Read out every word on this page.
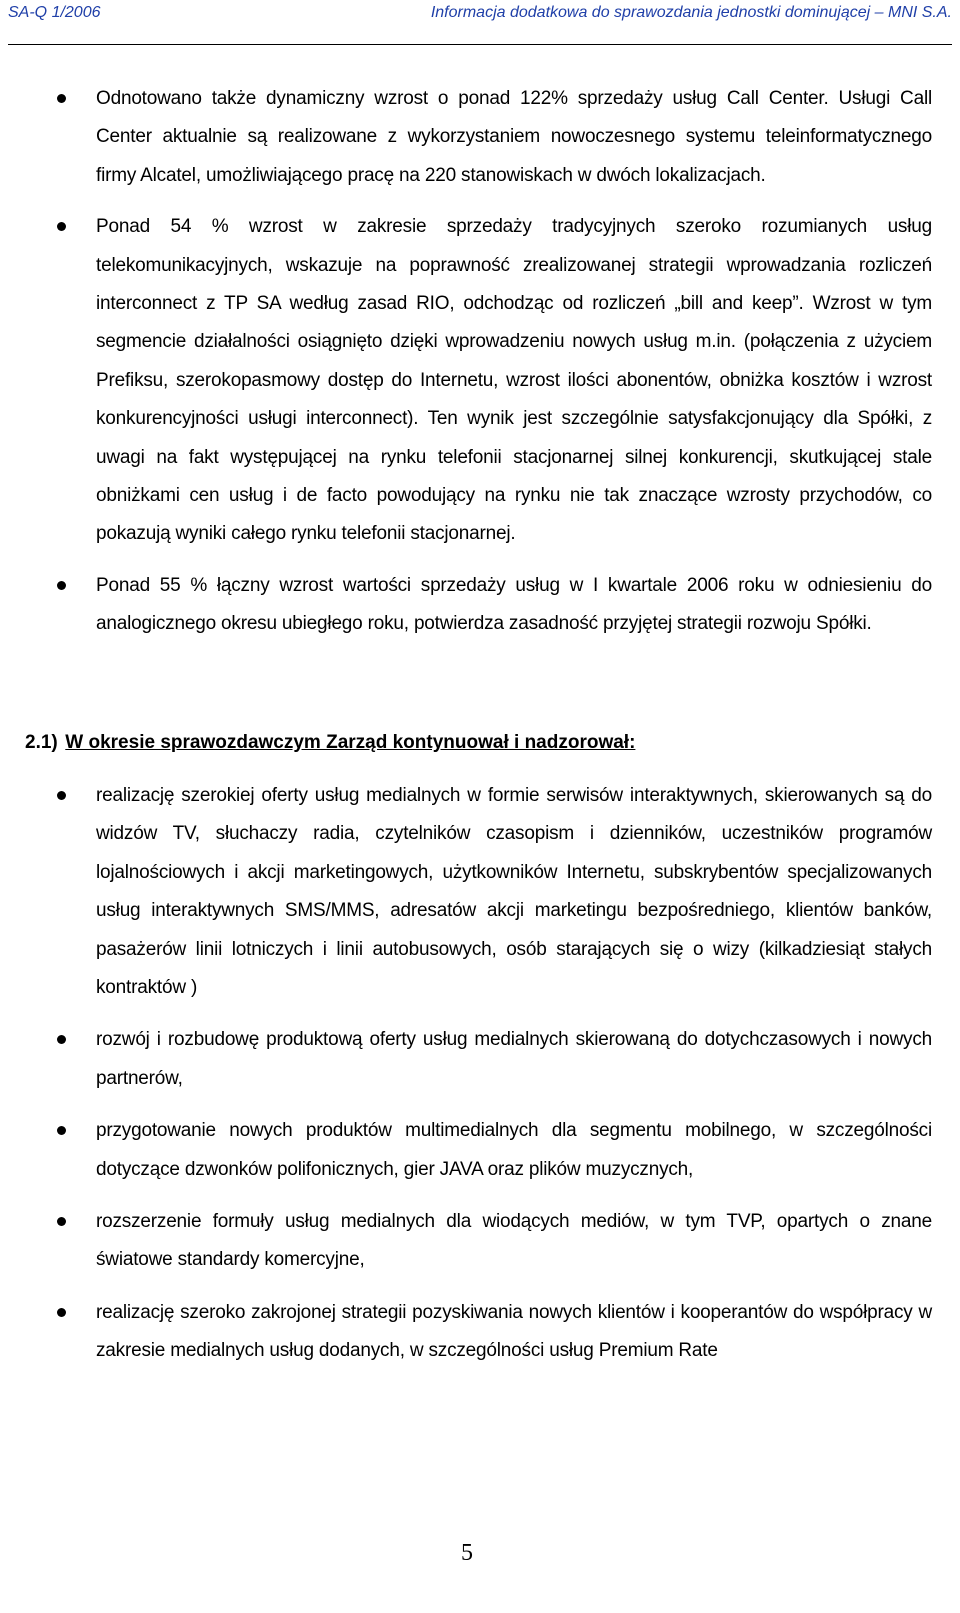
SA-Q 1/2006	Informacja dodatkowa do sprawozdania jednostki dominującej – MNI S.A.
Odnotowano także dynamiczny wzrost o ponad 122% sprzedaży usług Call Center. Usługi Call Center aktualnie są realizowane z wykorzystaniem nowoczesnego systemu teleinformatycznego firmy Alcatel, umożliwiającego pracę na 220 stanowiskach w dwóch lokalizacjach.
Ponad 54 % wzrost w zakresie sprzedaży tradycyjnych szeroko rozumianych usług telekomunikacyjnych, wskazuje na poprawność zrealizowanej strategii wprowadzania rozliczeń interconnect z TP SA według zasad RIO, odchodząc od rozliczeń „bill and keep”. Wzrost w tym segmencie działalności osiągnięto dzięki wprowadzeniu nowych usług m.in. (połączenia z użyciem Prefiksu, szerokopasmowy dostęp do Internetu, wzrost ilości abonentów, obniżka kosztów i wzrost konkurencyjności usługi interconnect). Ten wynik jest szczególnie satysfakcjonujący dla Spółki, z uwagi na fakt występującej na rynku telefonii stacjonarnej silnej konkurencji, skutkującej stale obniżkami cen usług i de facto powodujący na rynku nie tak znaczące wzrosty przychodów, co pokazują wyniki całego rynku telefonii stacjonarnej.
Ponad 55 % łączny wzrost wartości sprzedaży usług w I kwartale 2006 roku w odniesieniu do analogicznego okresu ubiegłego roku, potwierdza zasadność przyjętej strategii rozwoju Spółki.
2.1) W okresie sprawozdawczym Zarząd kontynuował i nadzorował:
realizację szerokiej oferty usług medialnych w formie serwisów interaktywnych, skierowanych są do widzów TV, słuchaczy radia, czytelników czasopism i dzienników, uczestników programów lojalnościowych i akcji marketingowych, użytkowników Internetu, subskrybentów specjalizowanych usług interaktywnych SMS/MMS, adresatów akcji marketingu bezpośredniego, klientów banków, pasażerów linii lotniczych i linii autobusowych, osób starających się o wizy (kilkadziesiąt stałych kontraktów )
rozwój i rozbudowę produktową oferty usług medialnych skierowaną do dotychczasowych i nowych partnerów,
przygotowanie nowych produktów multimedialnych dla segmentu mobilnego, w szczególności dotyczące dzwonków polifonicznych, gier JAVA oraz plików muzycznych,
rozszerzenie formuły usług medialnych dla wiodących mediów, w tym TVP, opartych o znane światowe standardy komercyjne,
realizację szeroko zakrojonej strategii pozyskiwania nowych klientów i kooperantów do współpracy w zakresie medialnych usług dodanych, w szczególności usług Premium Rate
5
